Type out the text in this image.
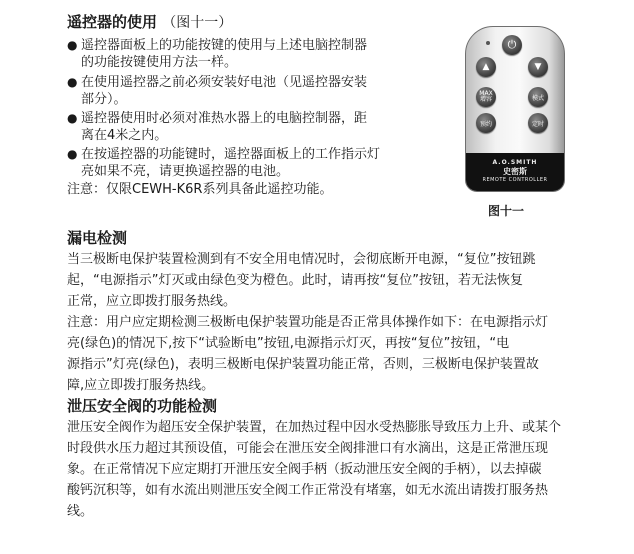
遥控器的使用 （图十一）
● 遥控器面板上的功能按键的使用与上述电脑控制器
的功能按键使用方法一样。
● 在使用遥控器之前必须安装好电池（见遥控器安装
部分）。
● 遥控器使用时必须对准热水器上的电脑控制器，距
离在4米之内。
● 在按遥控器的功能键时，遥控器面板上的工作指示灯
亮如果不亮，请更换遥控器的电池。
注意：仅限CEWH-K6R系列具备此遥控功能。
⏻
▲	▼
MAX
增容	模式
预约	定时
A.O.SMITH
史密斯
REMOTE CONTROLLER
图十一
漏电检测
当三极断电保护装置检测到有不安全用电情况时，会彻底断开电源，“复位”按钮跳
起，“电源指示”灯灭或由绿色变为橙色。此时，请再按“复位”按钮，若无法恢复
正常，应立即拨打服务热线。
注意：用户应定期检测三极断电保护装置功能是否正常具体操作如下：在电源指示灯
亮(绿色)的情况下,按下“试验断电”按钮,电源指示灯灭，再按“复位”按钮，“电
源指示”灯亮(绿色)，表明三极断电保护装置功能正常，否则，三极断电保护装置故
障,应立即拨打服务热线。
泄压安全阀的功能检测
泄压安全阀作为超压安全保护装置，在加热过程中因水受热膨胀导致压力上升、或某个
时段供水压力超过其预设值，可能会在泄压安全阀排泄口有水滴出，这是正常泄压现
象。在正常情况下应定期打开泄压安全阀手柄（扳动泄压安全阀的手柄），以去掉碳
酸钙沉积等，如有水流出则泄压安全阀工作正常没有堵塞，如无水流出请拨打服务热
线。
